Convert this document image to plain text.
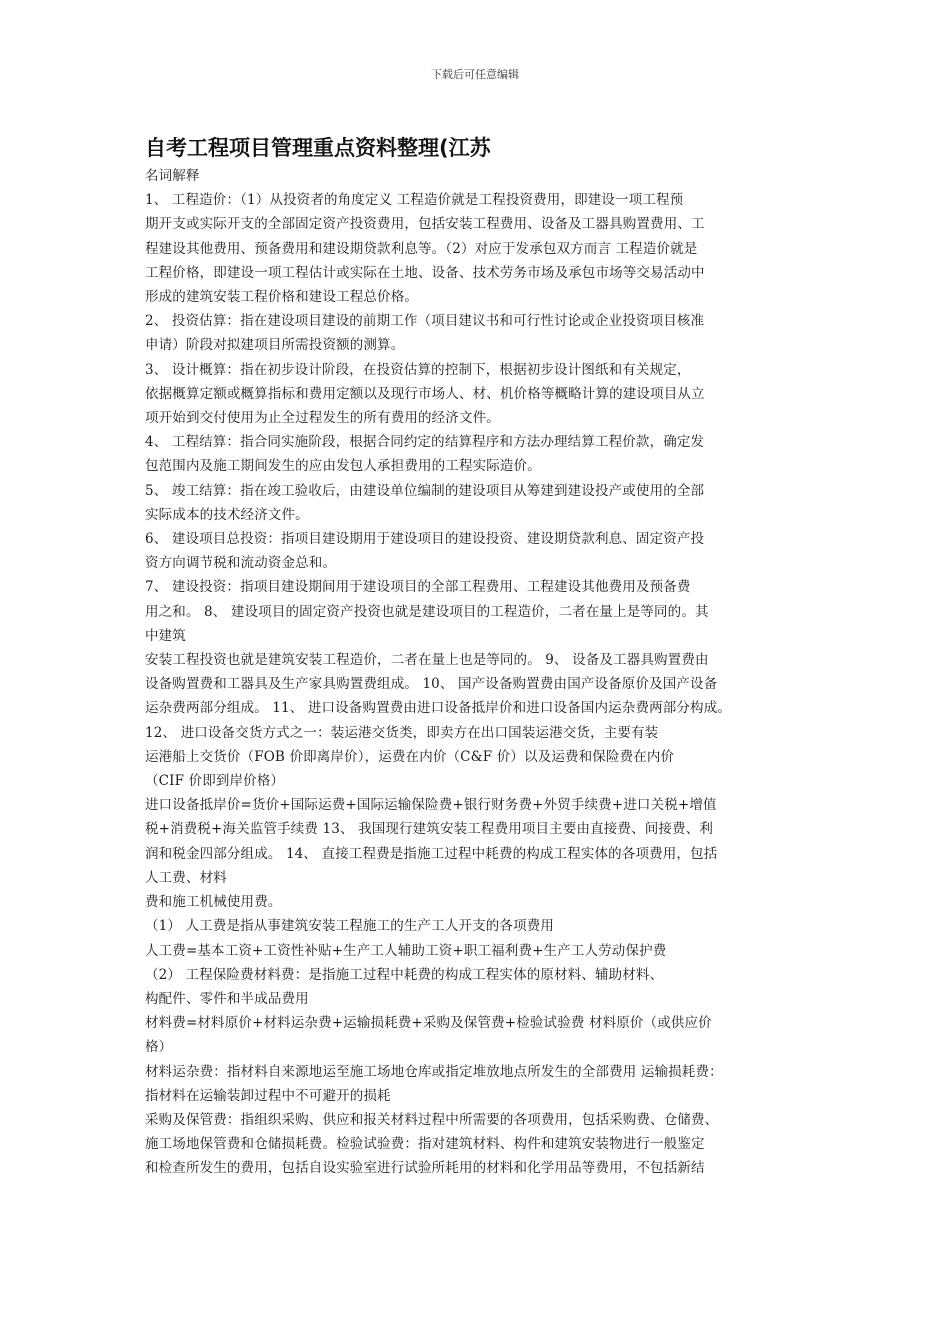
下载后可任意编辑
自考工程项目管理重点资料整理(江苏

名词解释

1、 工程造价：（1）从投资者的角度定义 工程造价就是工程投资费用，即建设一项工程预

期开支或实际开支的全部固定资产投资费用，包括安装工程费用、设备及工器具购置费用、工

程建设其他费用、预备费用和建设期贷款利息等。（2）对应于发承包双方而言 工程造价就是

工程价格，即建设一项工程估计或实际在土地、设备、技术劳务市场及承包市场等交易活动中

形成的建筑安装工程价格和建设工程总价格。

2、 投资估算：指在建设项目建设的前期工作（项目建议书和可行性讨论或企业投资项目核准

申请）阶段对拟建项目所需投资额的测算。

3、 设计概算：指在初步设计阶段，在投资估算的控制下，根据初步设计图纸和有关规定，

依据概算定额或概算指标和费用定额以及现行市场人、材、机价格等概略计算的建设项目从立

项开始到交付使用为止全过程发生的所有费用的经济文件。

4、 工程结算：指合同实施阶段，根据合同约定的结算程序和方法办理结算工程价款，确定发

包范围内及施工期间发生的应由发包人承担费用的工程实际造价。

5、 竣工结算：指在竣工验收后，由建设单位编制的建设项目从筹建到建设投产或使用的全部

实际成本的技术经济文件。

6、 建设项目总投资：指项目建设期用于建设项目的建设投资、建设期贷款利息、固定资产投

资方向调节税和流动资金总和。

7、 建设投资：指项目建设期间用于建设项目的全部工程费用、工程建设其他费用及预备费

用之和。 8、 建设项目的固定资产投资也就是建设项目的工程造价，二者在量上是等同的。其

中建筑

安装工程投资也就是建筑安装工程造价，二者在量上也是等同的。 9、 设备及工器具购置费由

设备购置费和工器具及生产家具购置费组成。 10、 国产设备购置费由国产设备原价及国产设备

运杂费两部分组成。 11、 进口设备购置费由进口设备抵岸价和进口设备国内运杂费两部分构成。

12、 进口设备交货方式之一：装运港交货类，即卖方在出口国装运港交货，主要有装

运港船上交货价（FOB 价即离岸价），运费在内价（C&F 价）以及运费和保险费在内价

（CIF 价即到岸价格）

进口设备抵岸价=货价+国际运费+国际运输保险费+银行财务费+外贸手续费+进口关税+增值

税+消费税+海关监管手续费 13、 我国现行建筑安装工程费用项目主要由直接费、间接费、利

润和税金四部分组成。 14、 直接工程费是指施工过程中耗费的构成工程实体的各项费用，包括

人工费、材料

费和施工机械使用费。

（1） 人工费是指从事建筑安装工程施工的生产工人开支的各项费用

人工费=基本工资+工资性补贴+生产工人辅助工资+职工福利费+生产工人劳动保护费

（2） 工程保险费材料费：是指施工过程中耗费的构成工程实体的原材料、辅助材料、

构配件、零件和半成品费用

材料费=材料原价+材料运杂费+运输损耗费+采购及保管费+检验试验费 材料原价（或供应价

格）

材料运杂费：指材料自来源地运至施工场地仓库或指定堆放地点所发生的全部费用 运输损耗费：

指材料在运输装卸过程中不可避开的损耗

采购及保管费：指组织采购、供应和报关材料过程中所需要的各项费用，包括采购费、仓储费、

施工场地保管费和仓储损耗费。检验试验费：指对建筑材料、构件和建筑安装物进行一般鉴定

和检查所发生的费用，包括自设实验室进行试验所耗用的材料和化学用品等费用，不包括新结
